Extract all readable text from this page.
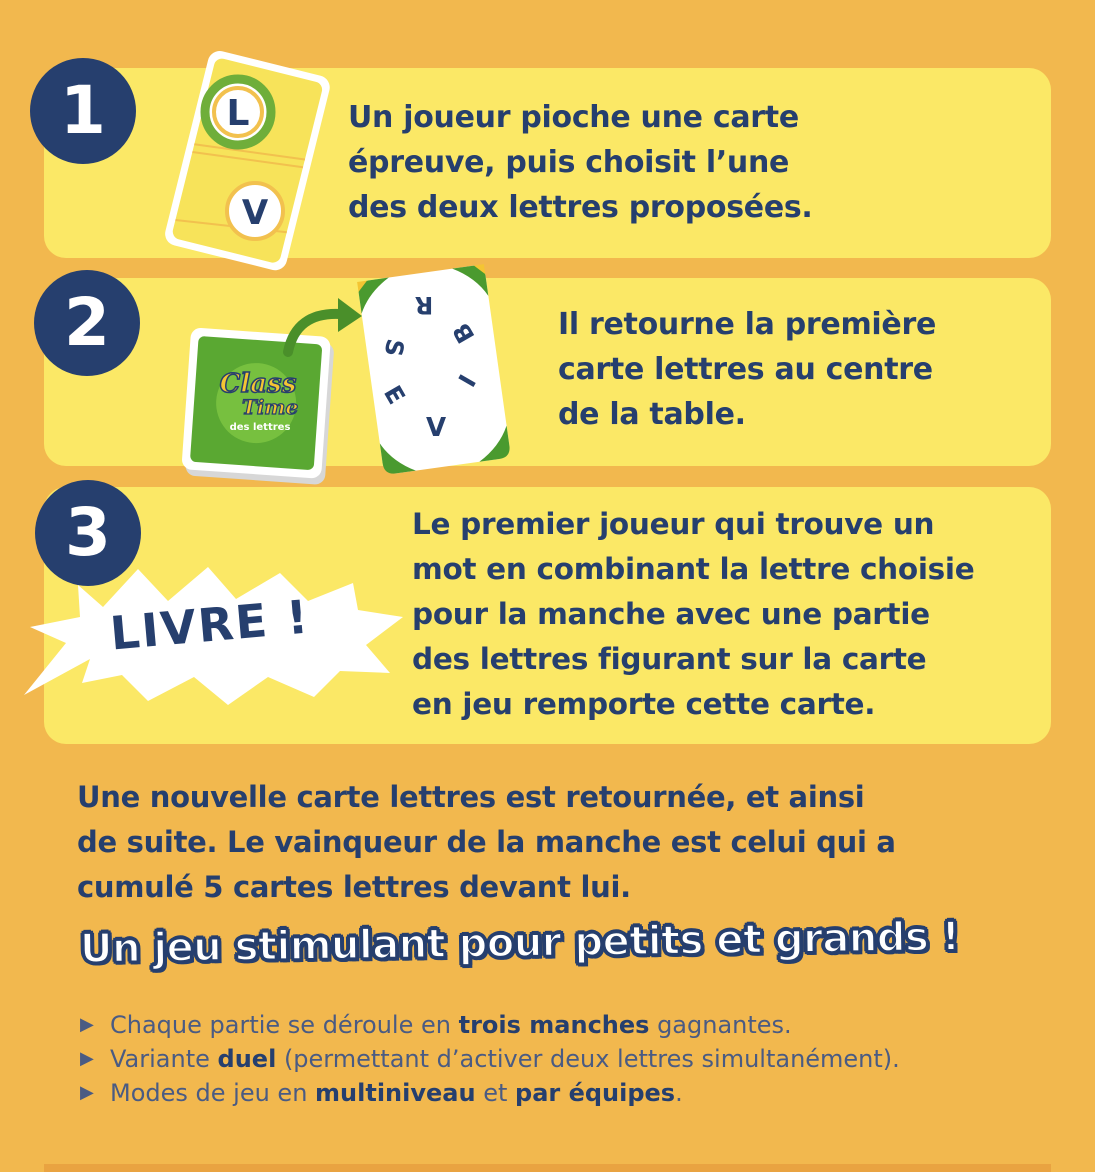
1
2
3
L
V
Un joueur pioche une carte
épreuve, puis choisit l’une
des deux lettres proposées.
Class
Time
des lettres
R
B
S
E I
V
Il retourne la première
carte lettres au centre
de la table.
LIVRE !
Le premier joueur qui trouve un
mot en combinant la lettre choisie
pour la manche avec une partie
des lettres figurant sur la carte
en jeu remporte cette carte.
Une nouvelle carte lettres est retournée, et ainsi
de suite. Le vainqueur de la manche est celui qui a
cumulé 5 cartes lettres devant lui.
Un jeu stimulant pour petits et grands !
▶ Chaque partie se déroule en trois manches gagnantes.
▶ Variante duel (permettant d’activer deux lettres simultanément).
▶ Modes de jeu en multiniveau et par équipes.
